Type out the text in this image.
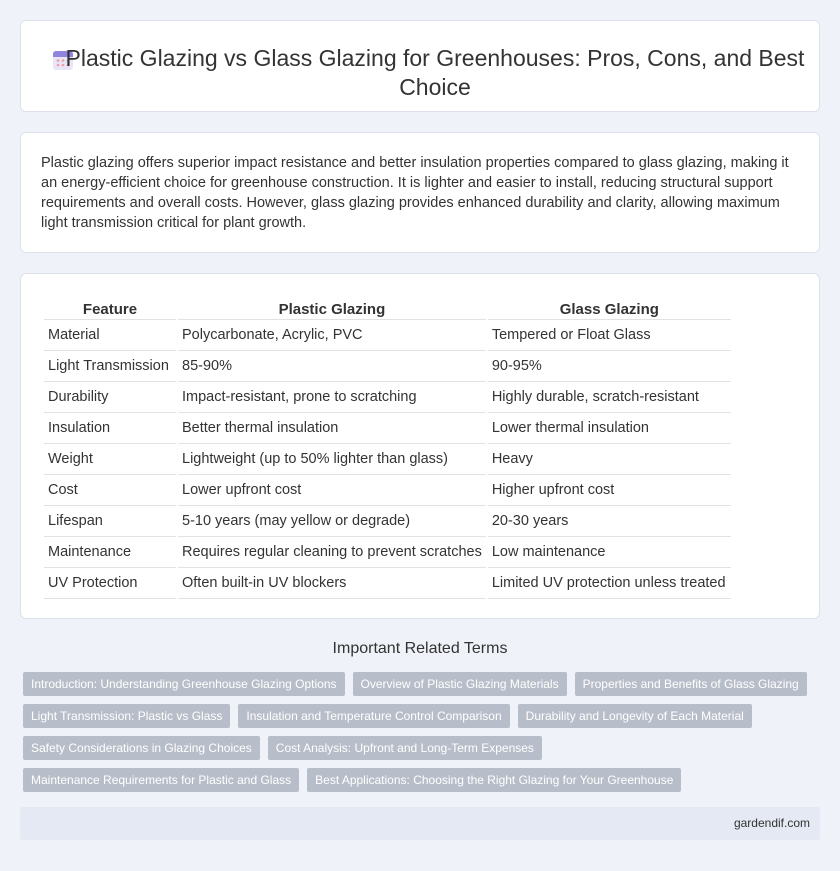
Plastic Glazing vs Glass Glazing for Greenhouses: Pros, Cons, and Best Choice

Plastic glazing offers superior impact resistance and better insulation properties compared to glass glazing, making it an energy-efficient choice for greenhouse construction. It is lighter and easier to install, reducing structural support requirements and overall costs. However, glass glazing provides enhanced durability and clarity, allowing maximum light transmission critical for plant growth.

Feature	Plastic Glazing	Glass Glazing
Material	Polycarbonate, Acrylic, PVC	Tempered or Float Glass
Light Transmission	85-90%	90-95%
Durability	Impact-resistant, prone to scratching	Highly durable, scratch-resistant
Insulation	Better thermal insulation	Lower thermal insulation
Weight	Lightweight (up to 50% lighter than glass)	Heavy
Cost	Lower upfront cost	Higher upfront cost
Lifespan	5-10 years (may yellow or degrade)	20-30 years
Maintenance	Requires regular cleaning to prevent scratches	Low maintenance
UV Protection	Often built-in UV blockers	Limited UV protection unless treated
Important Related Terms
Introduction: Understanding Greenhouse Glazing Options	Overview of Plastic Glazing Materials	Properties and Benefits of Glass Glazing
Light Transmission: Plastic vs Glass	Insulation and Temperature Control Comparison	Durability and Longevity of Each Material
Safety Considerations in Glazing Choices	Cost Analysis: Upfront and Long-Term Expenses
Maintenance Requirements for Plastic and Glass	Best Applications: Choosing the Right Glazing for Your Greenhouse
gardendif.com
